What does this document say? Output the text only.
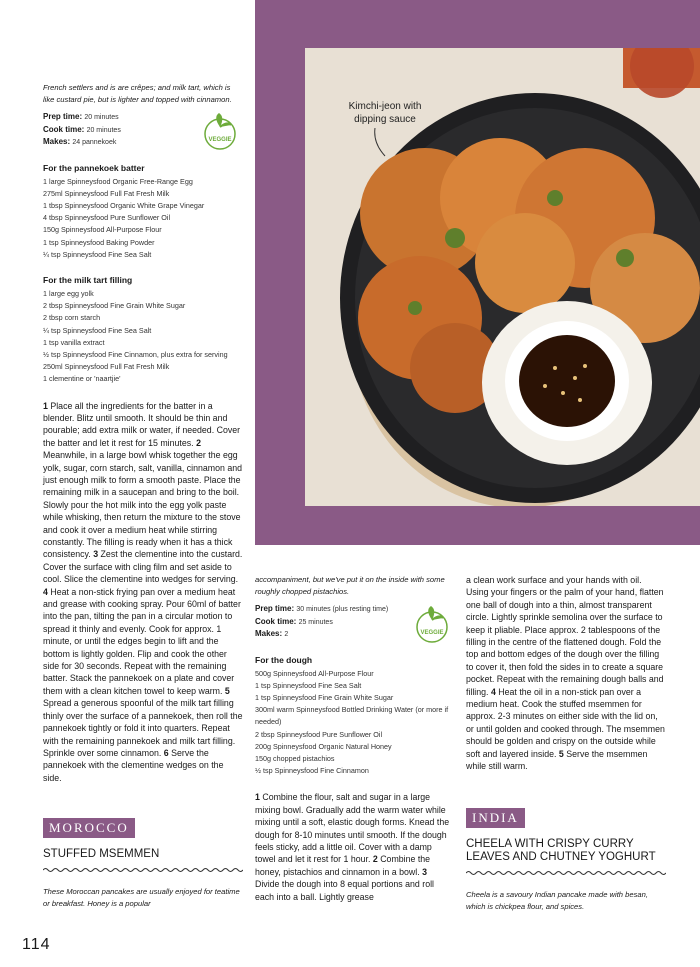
Kimchi-jeon with dipping sauce

French settlers and is are crêpes; and milk tart, which is like custard pie, but is lighter and topped with cinnamon.

Prep time: 20 minutes

Cook time: 20 minutes

Makes: 24 pannekoek

For the pannekoek batter

1 large Spinneysfood Organic Free-Range Egg
275ml Spinneysfood Full Fat Fresh Milk
1 tbsp Spinneysfood Organic White Grape Vinegar
4 tbsp Spinneysfood Pure Sunflower Oil
150g Spinneysfood All-Purpose Flour
1 tsp Spinneysfood Baking Powder
¼ tsp Spinneysfood Fine Sea Salt

For the milk tart filling

1 large egg yolk
2 tbsp Spinneysfood Fine Grain White Sugar
2 tbsp corn starch
¼ tsp Spinneysfood Fine Sea Salt
1 tsp vanilla extract
½ tsp Spinneysfood Fine Cinnamon, plus extra for serving
250ml Spinneysfood Full Fat Fresh Milk
1 clementine or 'naartjie'

1 Place all the ingredients for the batter in a blender. Blitz until smooth. It should be thin and pourable; add extra milk or water, if needed. Cover the batter and let it rest for 15 minutes. 2 Meanwhile, in a large bowl whisk together the egg yolk, sugar, corn starch, salt, vanilla, cinnamon and just enough milk to form a smooth paste. Place the remaining milk in a saucepan and bring to the boil. Slowly pour the hot milk into the egg yolk paste while whisking, then return the mixture to the stove and cook it over a medium heat while stirring constantly. The filling is ready when it has a thick consistency. 3 Zest the clementine into the custard. Cover the surface with cling film and set aside to cool. Slice the clementine into wedges for serving. 4 Heat a non-stick frying pan over a medium heat and grease with cooking spray. Pour 60ml of batter into the pan, tilting the pan in a circular motion to spread it thinly and evenly. Cook for approx. 1 minute, or until the edges begin to lift and the bottom is lightly golden. Flip and cook the other side for 30 seconds. Repeat with the remaining batter. Stack the pannekoek on a plate and cover them with a clean kitchen towel to keep warm. 5 Spread a generous spoonful of the milk tart filling thinly over the surface of a pannekoek, then roll the pannekoek tightly or fold it into quarters. Repeat with the remaining pannekoek and milk tart filling. Sprinkle over some cinnamon. 6 Serve the pannekoek with the clementine wedges on the side.

VEGGIE
MOROCCO

STUFFED MSEMMEN

These Moroccan pancakes are usually enjoyed for teatime or breakfast. Honey is a popular

accompaniment, but we've put it on the inside with some roughly chopped pistachios.

Prep time: 30 minutes (plus resting time)

Cook time: 25 minutes

Makes: 2

For the dough

500g Spinneysfood All-Purpose Flour
1 tsp Spinneysfood Fine Sea Salt
1 tsp Spinneysfood Fine Grain White Sugar
300ml warm Spinneysfood Bottled Drinking Water (or more if needed)
2 tbsp Spinneysfood Pure Sunflower Oil
200g Spinneysfood Organic Natural Honey
150g chopped pistachios
½ tsp Spinneysfood Fine Cinnamon

1 Combine the flour, salt and sugar in a large mixing bowl. Gradually add the warm water while mixing until a soft, elastic dough forms. Knead the dough for 8-10 minutes until smooth. If the dough feels sticky, add a little oil. Cover with a damp towel and let it rest for 1 hour. 2 Combine the honey, pistachios and cinnamon in a bowl. 3 Divide the dough into 8 equal portions and roll each into a ball. Lightly grease

VEGGIE

a clean work surface and your hands with oil. Using your fingers or the palm of your hand, flatten one ball of dough into a thin, almost transparent circle. Lightly sprinkle semolina over the surface to keep it pliable. Place approx. 2 tablespoons of the filling in the centre of the flattened dough. Fold the top and bottom edges of the dough over the filling to cover it, then fold the sides in to create a square pocket. Repeat with the remaining dough balls and filling. 4 Heat the oil in a non-stick pan over a medium heat. Cook the stuffed msemmen for approx. 2-3 minutes on either side with the lid on, or until golden and cooked through. The msemmen should be golden and crispy on the outside while soft and layered inside. 5 Serve the msemmen while still warm.

INDIA

CHEELA WITH CRISPY CURRY LEAVES AND CHUTNEY YOGHURT

Cheela is a savoury Indian pancake made with besan, which is chickpea flour, and spices.

114
